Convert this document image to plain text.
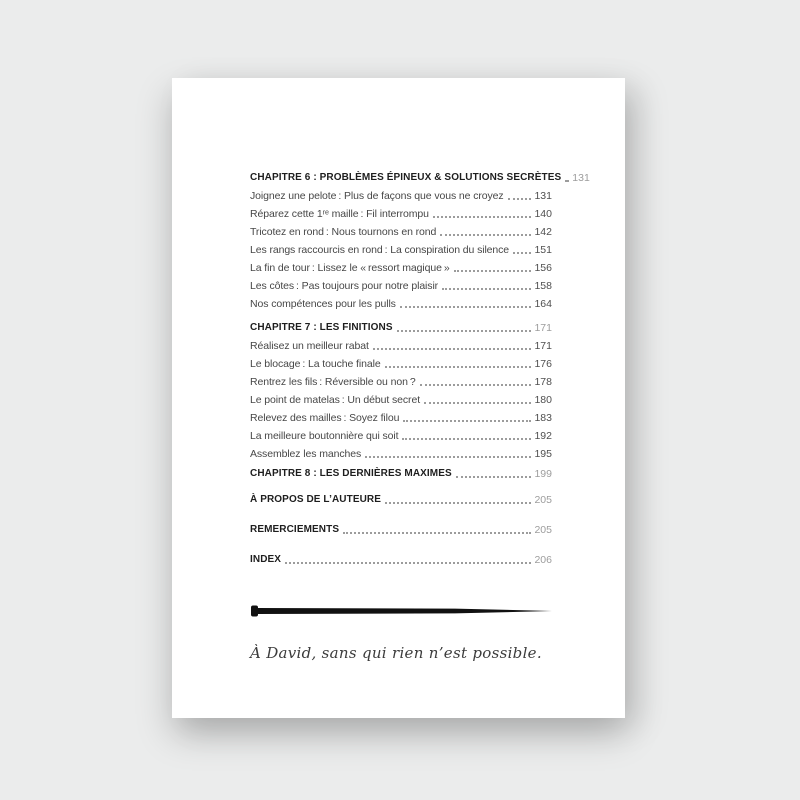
CHAPITRE 6 : PROBLÈMES ÉPINEUX & SOLUTIONS SECRÈTES 131
Joignez une pelote : Plus de façons que vous ne croyez	131
Réparez cette 1ʳᵉ maille : Fil interrompu	140
Tricotez en rond : Nous tournons en rond	142
Les rangs raccourcis en rond : La conspiration du silence 151
La fin de tour : Lissez le « ressort magique »	156
Les côtes : Pas toujours pour notre plaisir	158
Nos compétences pour les pulls	164
CHAPITRE 7 : LES FINITIONS	171
Réalisez un meilleur rabat	171
Le blocage : La touche finale	176
Rentrez les fils : Réversible ou non ?	178
Le point de matelas : Un début secret	180
Relevez des mailles : Soyez filou	183
La meilleure boutonnière qui soit	192
Assemblez les manches	195
CHAPITRE 8 : LES DERNIÈRES MAXIMES	199
À PROPOS DE L’AUTEURE	205
REMERCIEMENTS	205
INDEX	206
À David, sans qui rien n’est possible.
